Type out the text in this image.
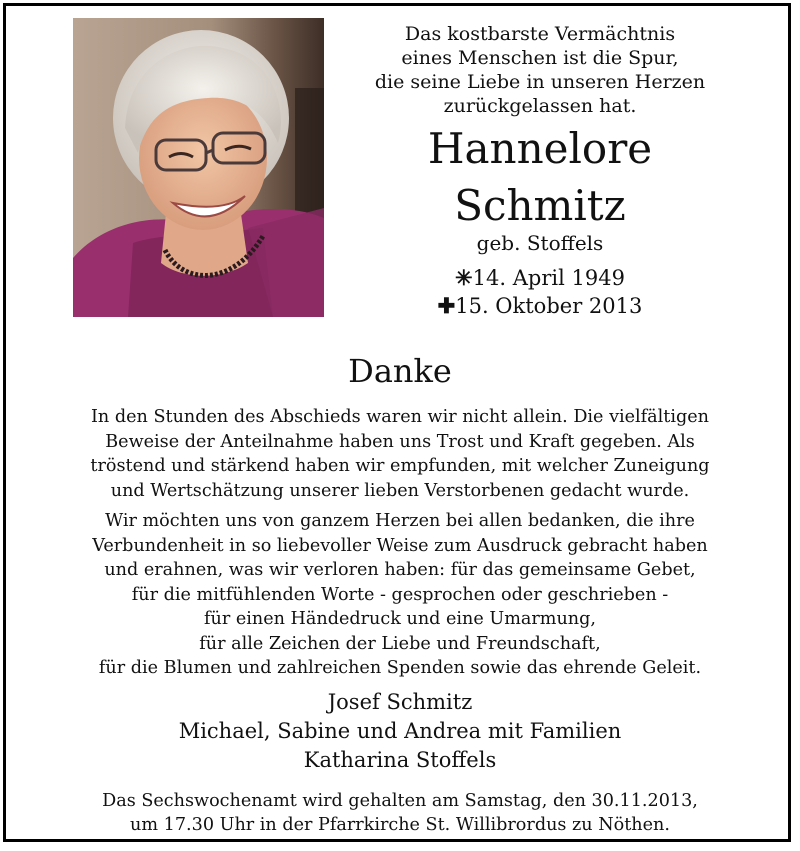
Das kostbarste Vermächtnis
eines Menschen ist die Spur,
die seine Liebe in unseren Herzen
zurückgelassen hat.
Hannelore
Schmitz
geb. Stoffels
✳14. April 1949
✚15. Oktober 2013
Danke
In den Stunden des Abschieds waren wir nicht allein. Die vielfältigen
Beweise der Anteilnahme haben uns Trost und Kraft gegeben. Als
tröstend und stärkend haben wir empfunden, mit welcher Zuneigung
und Wertschätzung unserer lieben Verstorbenen gedacht wurde.
Wir möchten uns von ganzem Herzen bei allen bedanken, die ihre
Verbundenheit in so liebevoller Weise zum Ausdruck gebracht haben
und erahnen, was wir verloren haben: für das gemeinsame Gebet,
für die mitfühlenden Worte - gesprochen oder geschrieben -
für einen Händedruck und eine Umarmung,
für alle Zeichen der Liebe und Freundschaft,
für die Blumen und zahlreichen Spenden sowie das ehrende Geleit.
Josef Schmitz
Michael, Sabine und Andrea mit Familien
Katharina Stoffels
Das Sechswochenamt wird gehalten am Samstag, den 30.11.2013,
um 17.30 Uhr in der Pfarrkirche St. Willibrordus zu Nöthen.
